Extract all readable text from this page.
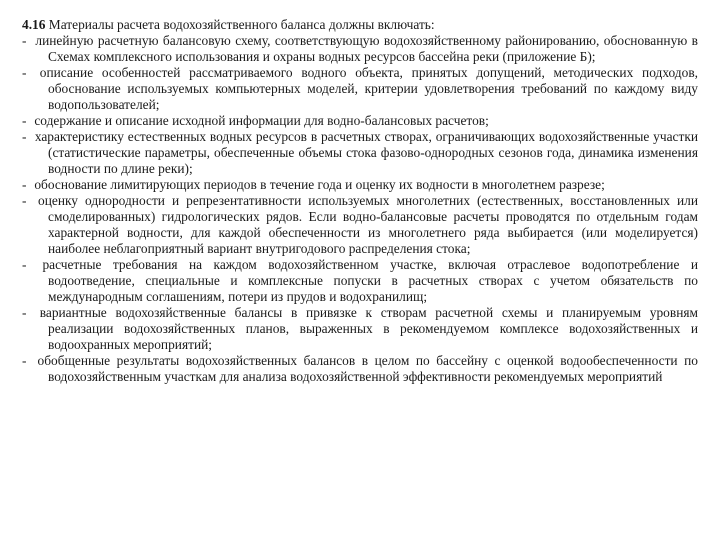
4.16 Материалы расчета водохозяйственного баланса должны включать:

- линейную расчетную балансовую схему, соответствующую водохозяйственному районированию, обоснованную в Схемах комплексного использования и охраны водных ресурсов бассейна реки (приложение Б);

- описание особенностей рассматриваемого водного объекта, принятых допущений, методических подходов, обоснование используемых компьютерных моделей, критерии удовлетворения требований по каждому виду водопользователей;

- содержание и описание исходной информации для водно-балансовых расчетов;

- характеристику естественных водных ресурсов в расчетных створах, ограничивающих водохозяйственные участки (статистические параметры, обеспеченные объемы стока фазово-однородных сезонов года, динамика изменения водности по длине реки);

- обоснование лимитирующих периодов в течение года и оценку их водности в многолетнем разрезе;

- оценку однородности и репрезентативности используемых многолетних (естественных, восстановленных или смоделированных) гидрологических рядов. Если водно-балансовые расчеты проводятся по отдельным годам характерной водности, для каждой обеспеченности из многолетнего ряда выбирается (или моделируется) наиболее неблагоприятный вариант внутригодового распределения стока;

- расчетные требования на каждом водохозяйственном участке, включая отраслевое водопотребление и водоотведение, специальные и комплексные попуски в расчетных створах с учетом обязательств по международным соглашениям, потери из прудов и водохранилищ;

- вариантные водохозяйственные балансы в привязке к створам расчетной схемы и планируемым уровням реализации водохозяйственных планов, выраженных в рекомендуемом комплексе водохозяйственных и водоохранных мероприятий;

- обобщенные результаты водохозяйственных балансов в целом по бассейну с оценкой водообеспеченности по водохозяйственным участкам для анализа водохозяйственной эффективности рекомендуемых мероприятий
